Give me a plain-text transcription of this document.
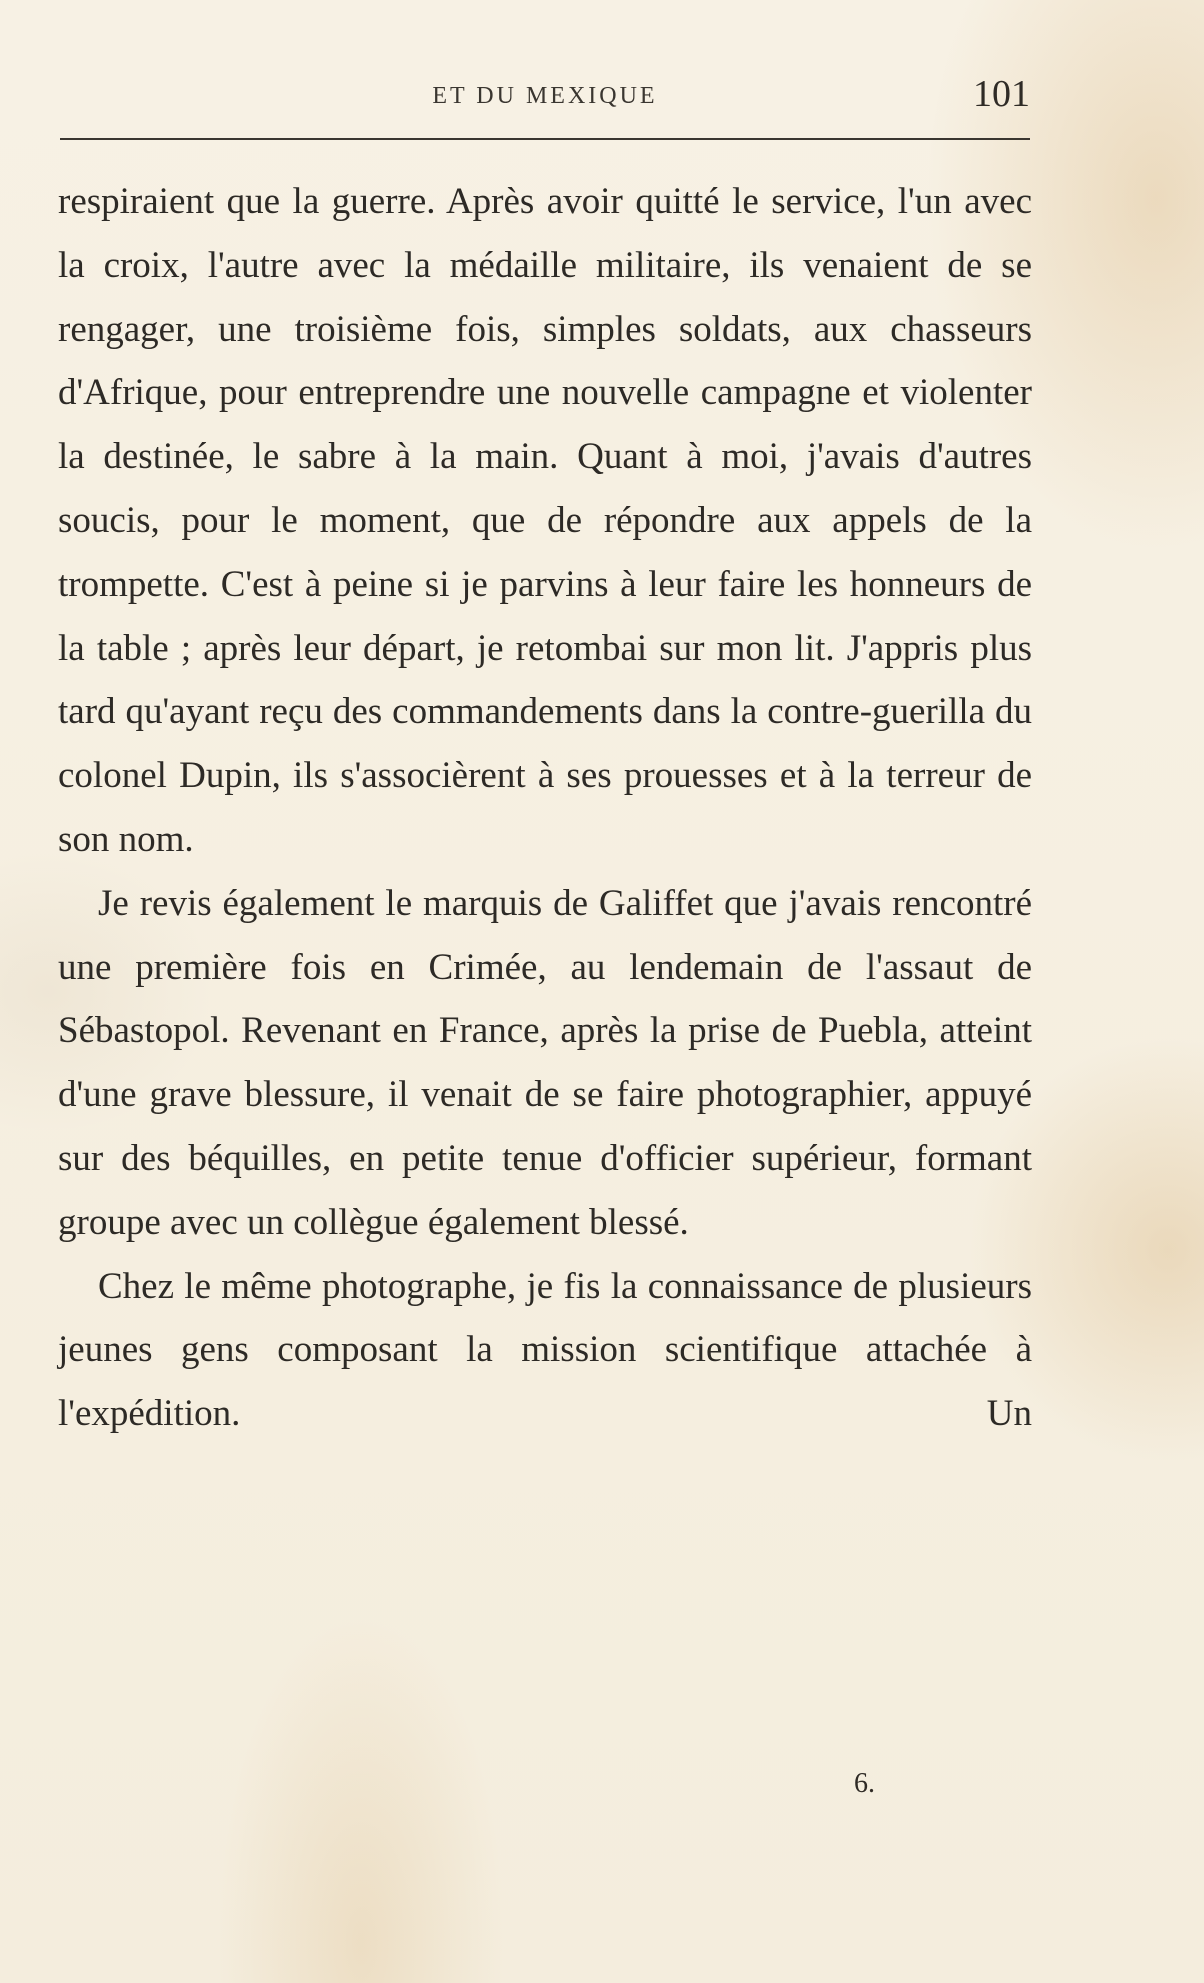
ET DU MEXIQUE	101

respiraient que la guerre. Après avoir quitté le service, l'un avec la croix, l'autre avec la médaille militaire, ils venaient de se rengager, une troisième fois, simples soldats, aux chasseurs d'Afrique, pour entreprendre une nouvelle campagne et violenter la destinée, le sabre à la main. Quant à moi, j'avais d'autres soucis, pour le moment, que de répondre aux appels de la trompette. C'est à peine si je parvins à leur faire les honneurs de la table ; après leur départ, je retombai sur mon lit. J'appris plus tard qu'ayant reçu des commandements dans la contre-guerilla du colonel Dupin, ils s'associèrent à ses prouesses et à la terreur de son nom.

Je revis également le marquis de Galiffet que j'avais rencontré une première fois en Crimée, au lendemain de l'assaut de Sébastopol. Revenant en France, après la prise de Puebla, atteint d'une grave blessure, il venait de se faire photographier, appuyé sur des béquilles, en petite tenue d'officier supérieur, formant groupe avec un collègue également blessé.

Chez le même photographe, je fis la connaissance de plusieurs jeunes gens composant la mission scientifique attachée à l'expédition. Un

6.
